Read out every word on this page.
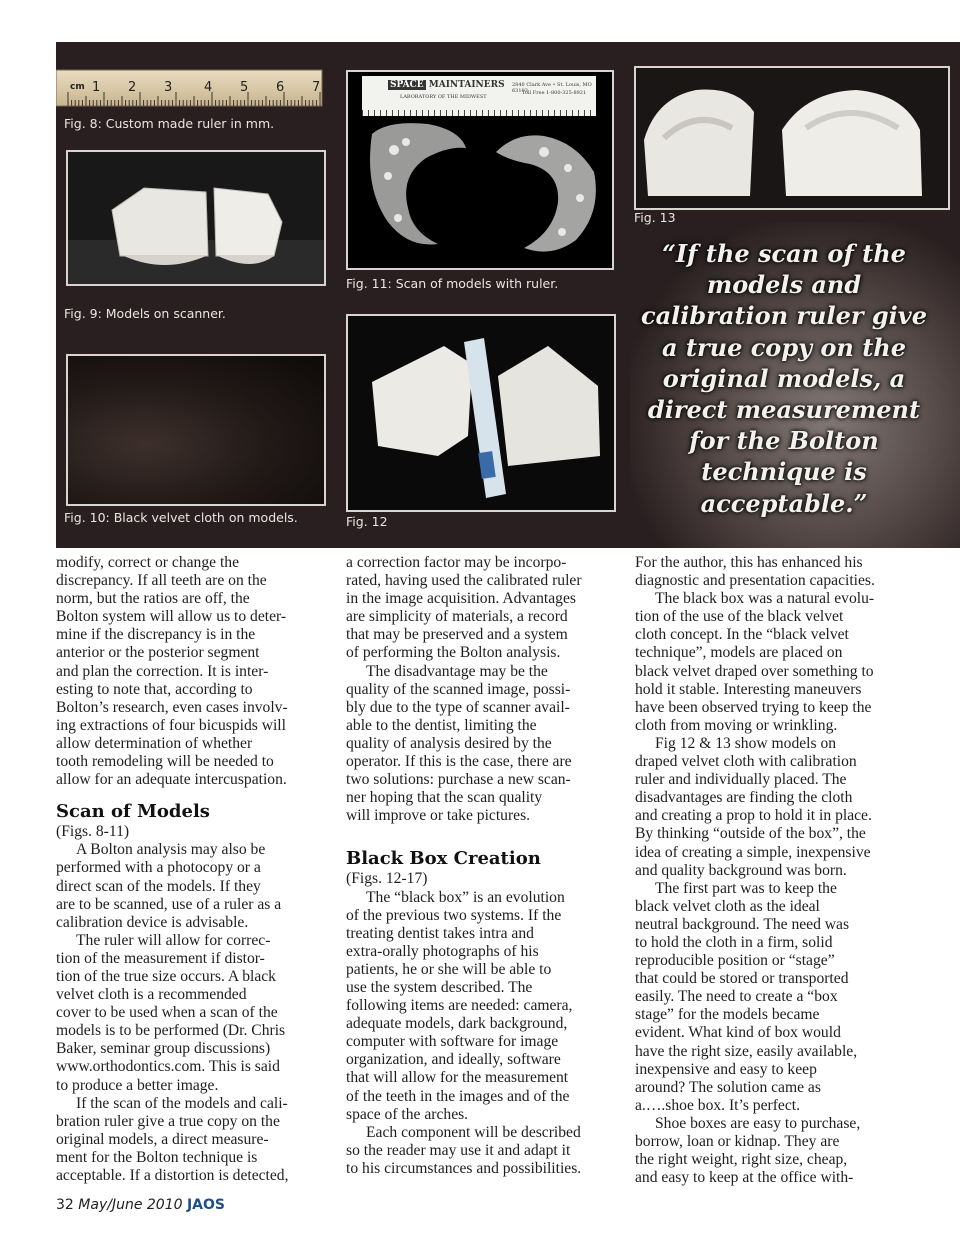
cm 1 2 3 4 5 6 7
Fig. 8: Custom made ruler in mm.
Fig. 9: Models on scanner.
Fig. 10: Black velvet cloth on models.
SPACE MAINTAINERS
LABORATORY OF THE MIDWEST
2840 Clark Ave • St. Louis, MO 63103
Toll Free 1-800-325-8921
Fig. 11: Scan of models with ruler.
Fig. 12
Fig. 13
“If the scan of the
models and
calibration ruler give
a true copy on the
original models, a
direct measurement
for the Bolton
technique is
acceptable.”

modify, correct or change the
discrepancy. If all teeth are on the
norm, but the ratios are off, the
Bolton system will allow us to deter-
mine if the discrepancy is in the
anterior or the posterior segment
and plan the correction. It is inter-
esting to note that, according to
Bolton’s research, even cases involv-
ing extractions of four bicuspids will
allow determination of whether
tooth remodeling will be needed to
allow for an adequate intercuspation.

Scan of Models

(Figs. 8-11)

A Bolton analysis may also be
performed with a photocopy or a
direct scan of the models. If they
are to be scanned, use of a ruler as a
calibration device is advisable.

The ruler will allow for correc-
tion of the measurement if distor-
tion of the true size occurs. A black
velvet cloth is a recommended
cover to be used when a scan of the
models is to be performed (Dr. Chris
Baker, seminar group discussions)
www.orthodontics.com. This is said
to produce a better image.

If the scan of the models and cali-
bration ruler give a true copy on the
original models, a direct measure-
ment for the Bolton technique is
acceptable. If a distortion is detected,

a correction factor may be incorpo-
rated, having used the calibrated ruler
in the image acquisition. Advantages
are simplicity of materials, a record
that may be preserved and a system
of performing the Bolton analysis.

The disadvantage may be the
quality of the scanned image, possi-
bly due to the type of scanner avail-
able to the dentist, limiting the
quality of analysis desired by the
operator. If this is the case, there are
two solutions: purchase a new scan-
ner hoping that the scan quality
will improve or take pictures.

Black Box Creation

(Figs. 12-17)

The “black box” is an evolution
of the previous two systems. If the
treating dentist takes intra and
extra-orally photographs of his
patients, he or she will be able to
use the system described. The
following items are needed: camera,
adequate models, dark background,
computer with software for image
organization, and ideally, software
that will allow for the measurement
of the teeth in the images and of the
space of the arches.

Each component will be described
so the reader may use it and adapt it
to his circumstances and possibilities.

For the author, this has enhanced his
diagnostic and presentation capacities.

The black box was a natural evolu-
tion of the use of the black velvet
cloth concept. In the “black velvet
technique”, models are placed on
black velvet draped over something to
hold it stable. Interesting maneuvers
have been observed trying to keep the
cloth from moving or wrinkling.

Fig 12 & 13 show models on
draped velvet cloth with calibration
ruler and individually placed. The
disadvantages are finding the cloth
and creating a prop to hold it in place.
By thinking “outside of the box”, the
idea of creating a simple, inexpensive
and quality background was born.

The first part was to keep the
black velvet cloth as the ideal
neutral background. The need was
to hold the cloth in a firm, solid
reproducible position or “stage”
that could be stored or transported
easily. The need to create a “box
stage” for the models became
evident. What kind of box would
have the right size, easily available,
inexpensive and easy to keep
around? The solution came as
a.….shoe box. It’s perfect.

Shoe boxes are easy to purchase,
borrow, loan or kidnap. They are
the right weight, right size, cheap,
and easy to keep at the office with-

32 May/June 2010 JAOS
